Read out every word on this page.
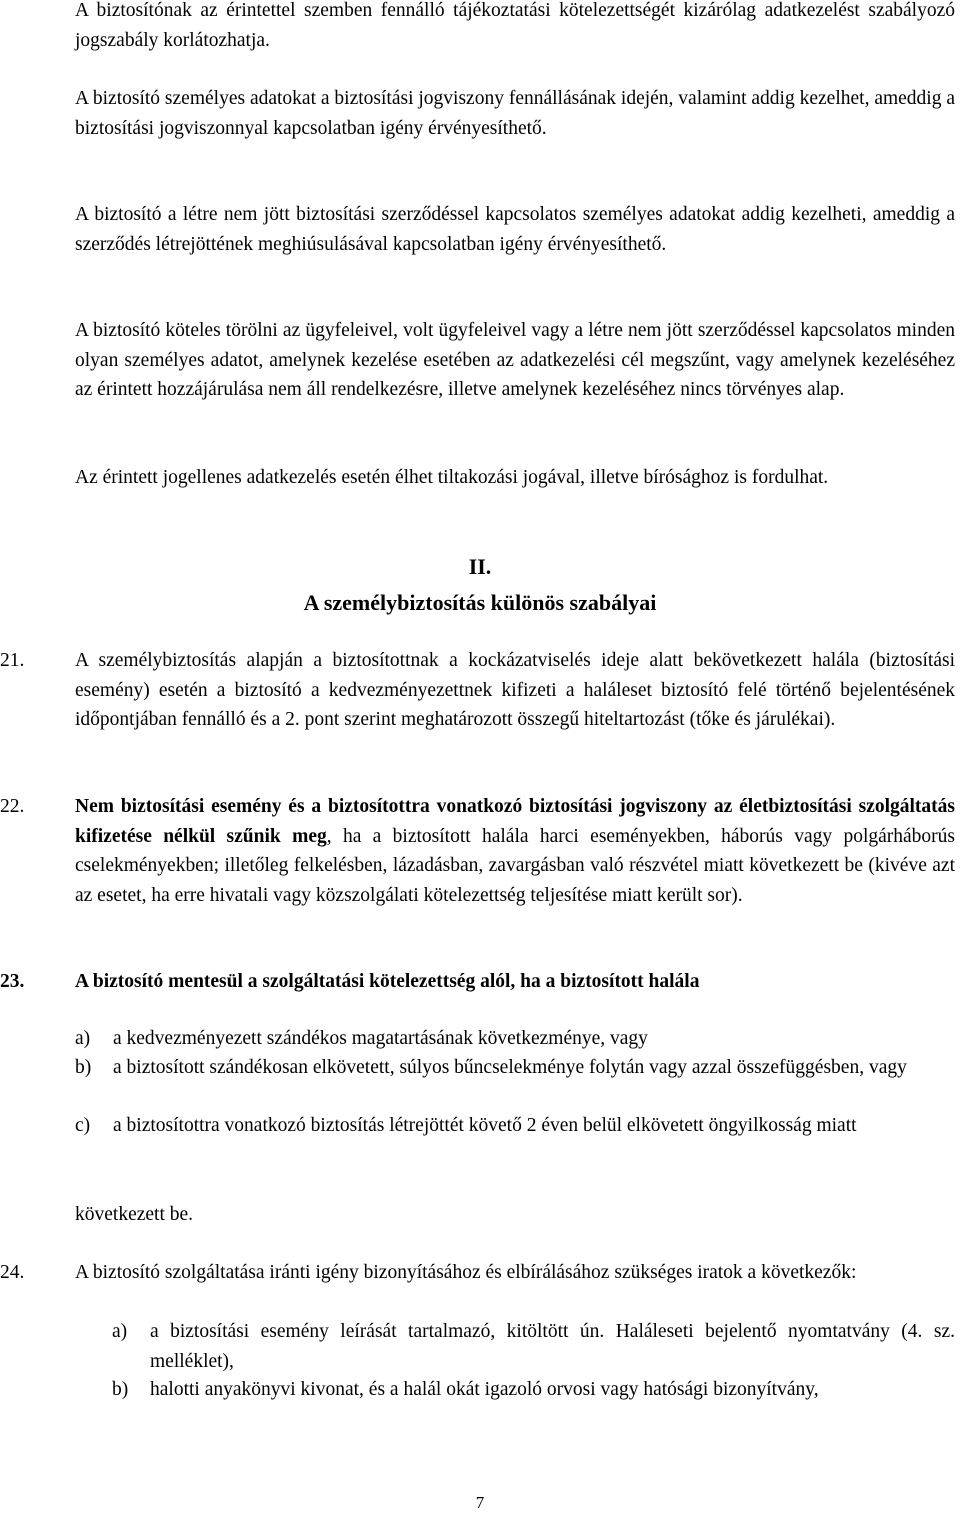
A biztosítónak az érintettel szemben fennálló tájékoztatási kötelezettségét kizárólag adatkezelést szabályozó jogszabály korlátozhatja.

A biztosító személyes adatokat a biztosítási jogviszony fennállásának idején, valamint addig kezelhet, ameddig a biztosítási jogviszonnyal kapcsolatban igény érvényesíthető.

A biztosító a létre nem jött biztosítási szerződéssel kapcsolatos személyes adatokat addig kezelheti, ameddig a szerződés létrejöttének meghiúsulásával kapcsolatban igény érvényesíthető.

A biztosító köteles törölni az ügyfeleivel, volt ügyfeleivel vagy a létre nem jött szerződéssel kapcsolatos minden olyan személyes adatot, amelynek kezelése esetében az adatkezelési cél megszűnt, vagy amelynek kezeléséhez az érintett hozzájárulása nem áll rendelkezésre, illetve amelynek kezeléséhez nincs törvényes alap.

Az érintett jogellenes adatkezelés esetén élhet tiltakozási jogával, illetve bírósághoz is fordulhat.

II.
A személybiztosítás különös szabályai
21.	A személybiztosítás alapján a biztosítottnak a kockázatviselés ideje alatt bekövetkezett halála (biztosítási esemény) esetén a biztosító a kedvezményezettnek kifizeti a haláleset biztosító felé történő bejelentésének időpontjában fennálló és a 2. pont szerint meghatározott összegű hiteltartozást (tőke és járulékai).

22.	Nem biztosítási esemény és a biztosítottra vonatkozó biztosítási jogviszony az életbiztosítási szolgáltatás kifizetése nélkül szűnik meg, ha a biztosított halála harci eseményekben, háborús vagy polgárháborús cselekményekben; illetőleg felkelésben, lázadásban, zavargásban való részvétel miatt következett be (kivéve azt az esetet, ha erre hivatali vagy közszolgálati kötelezettség teljesítése miatt került sor).

23.	A biztosító mentesül a szolgáltatási kötelezettség alól, ha a biztosított halála

a) a kedvezményezett szándékos magatartásának következménye, vagy

b) a biztosított szándékosan elkövetett, súlyos bűncselekménye folytán vagy azzal összefüggésben, vagy

c) a biztosítottra vonatkozó biztosítás létrejöttét követő 2 éven belül elkövetett öngyilkosság miatt

következett be.

24.	A biztosító szolgáltatása iránti igény bizonyításához és elbírálásához szükséges iratok a következők:

a) a biztosítási esemény leírását tartalmazó, kitöltött ún. Haláleseti bejelentő nyomtatvány (4. sz. melléklet),

b) halotti anyakönyvi kivonat, és a halál okát igazoló orvosi vagy hatósági bizonyítvány,

7
